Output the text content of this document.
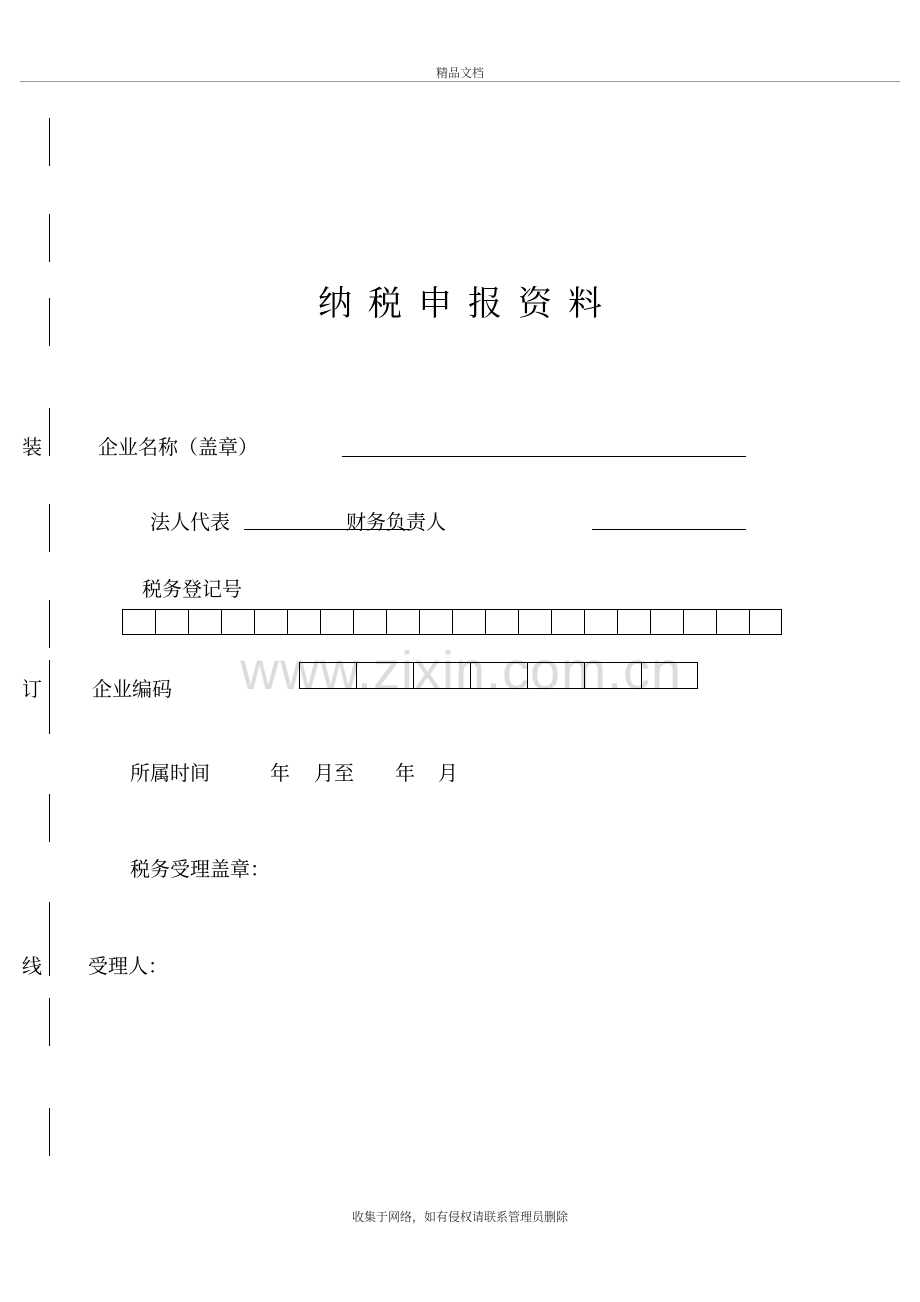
精品文档
装
订
线
纳税申报资料
企业名称（盖章）
法人代表	财务负责人
税务登记号
www.zixin.com.cn
企业编码
所属时间	年 月至 年 月
税务受理盖章：
受理人：
收集于网络，如有侵权请联系管理员删除
